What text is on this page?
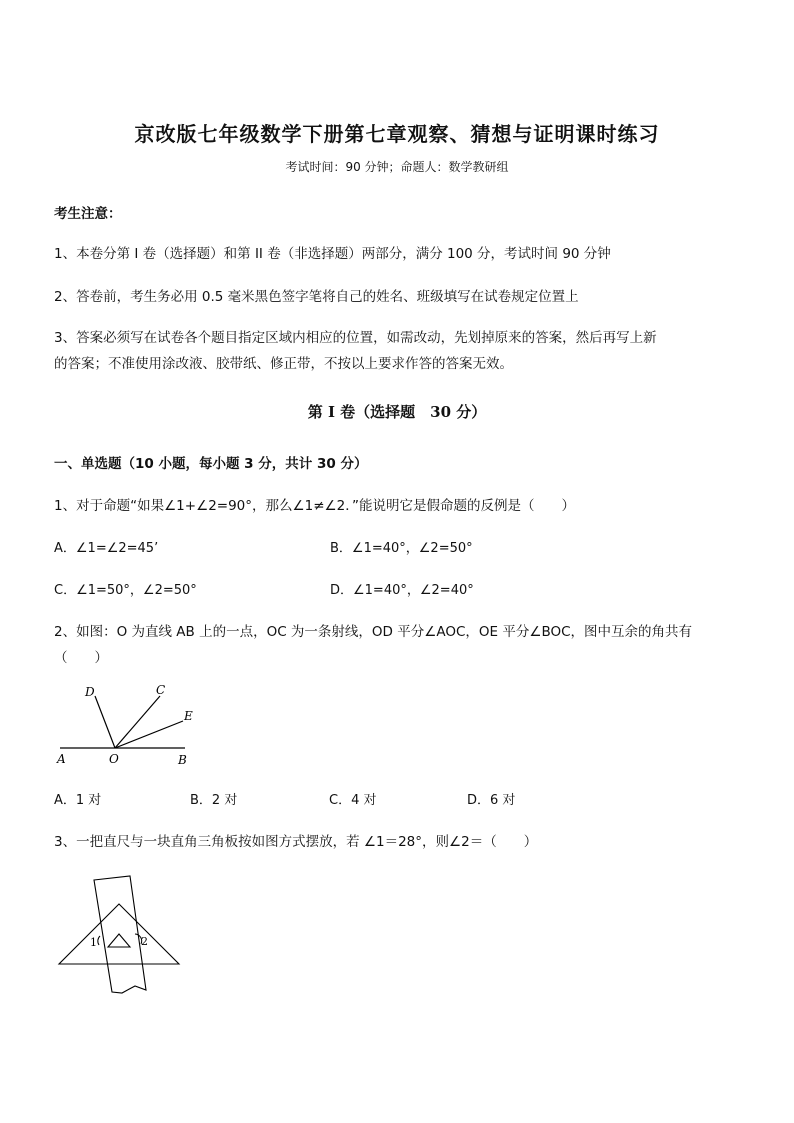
京改版七年级数学下册第七章观察、猜想与证明课时练习
考试时间：90 分钟；命题人：数学教研组
考生注意：
1、本卷分第 I 卷（选择题）和第 II 卷（非选择题）两部分，满分 100 分，考试时间 90 分钟
2、答卷前，考生务必用 0.5 毫米黑色签字笔将自己的姓名、班级填写在试卷规定位置上
3、答案必须写在试卷各个题目指定区域内相应的位置，如需改动，先划掉原来的答案，然后再写上新
的答案；不准使用涂改液、胶带纸、修正带，不按以上要求作答的答案无效。
第 I 卷（选择题　30 分）
一、单选题（10 小题，每小题 3 分，共计 30 分）
1、对于命题“如果∠1+∠2=90°，那么∠1≠∠2．”能说明它是假命题的反例是（　　）
A．∠1=∠2=45’	B．∠1=40°，∠2=50°
C．∠1=50°，∠2=50°	D．∠1=40°，∠2=40°
2、如图：O 为直线 AB 上的一点，OC 为一条射线，OD 平分∠AOC，OE 平分∠BOC，图中互余的角共有
（　　）
A	B
O
C
D
E
A．1 对	B．2 对	C．4 对	D．6 对
3、一把直尺与一块直角三角板按如图方式摆放，若 ∠1＝28°，则∠2＝（　　）
1	2
